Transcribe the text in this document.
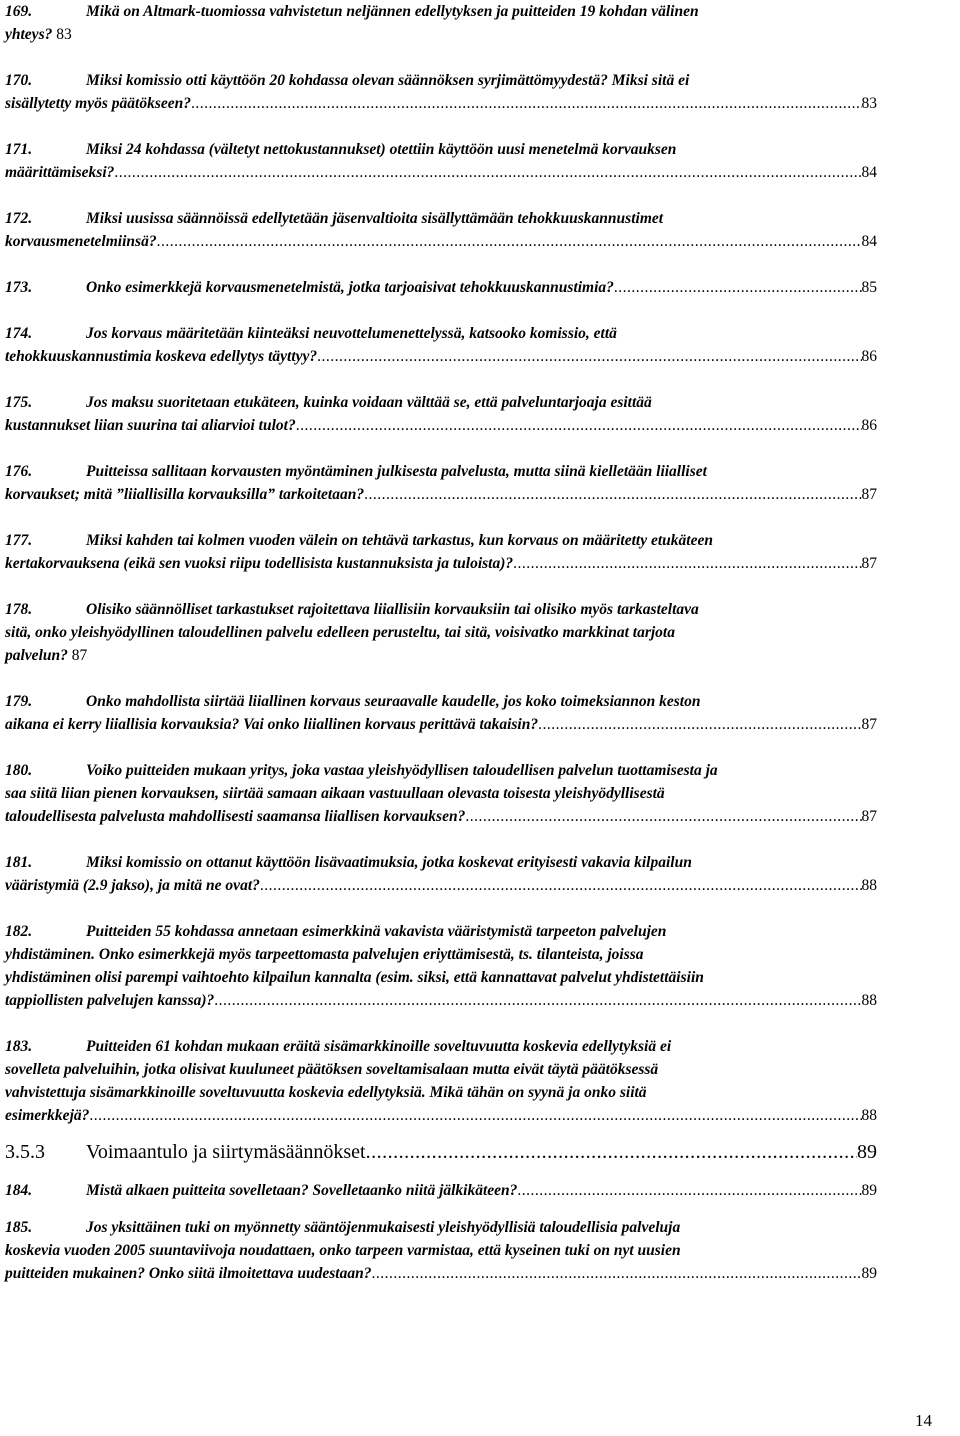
169.	Mikä on Altmark-tuomiossa vahvistetun neljännen edellytyksen ja puitteiden 19 kohdan välinen
yhteys? 83
170.	Miksi komissio otti käyttöön 20 kohdassa olevan säännöksen syrjimättömyydestä? Miksi sitä ei
sisällytetty myös päätökseen? .....	83
171.	Miksi 24 kohdassa (vältetyt nettokustannukset) otettiin käyttöön uusi menetelmä korvauksen
määrittämiseksi? .....	84
172.	Miksi uusissa säännöissä edellytetään jäsenvaltioita sisällyttämään tehokkuuskannustimet
korvausmenetelmiinsä? .....	84
173.	Onko esimerkkejä korvausmenetelmistä, jotka tarjoaisivat tehokkuuskannustimia? .....	85
174.	Jos korvaus määritetään kiinteäksi neuvottelumenettelyssä, katsooko komissio, että
tehokkuuskannustimia koskeva edellytys täyttyy? .....	86
175.	Jos maksu suoritetaan etukäteen, kuinka voidaan välttää se, että palveluntarjoaja esittää
kustannukset liian suurina tai aliarvioi tulot? .....	86
176.	Puitteissa sallitaan korvausten myöntäminen julkisesta palvelusta, mutta siinä kielletään liialliset
korvaukset; mitä ”liiallisilla korvauksilla” tarkoitetaan? .....	87
177.	Miksi kahden tai kolmen vuoden välein on tehtävä tarkastus, kun korvaus on määritetty etukäteen
kertakorvauksena (eikä sen vuoksi riipu todellisista kustannuksista ja tuloista)? .....	87
178.	Olisiko säännölliset tarkastukset rajoitettava liiallisiin korvauksiin tai olisiko myös tarkasteltava
sitä, onko yleishyödyllinen taloudellinen palvelu edelleen perusteltu, tai sitä, voisivatko markkinat tarjota
palvelun? 87
179.	Onko mahdollista siirtää liiallinen korvaus seuraavalle kaudelle, jos koko toimeksiannon keston
aikana ei kerry liiallisia korvauksia? Vai onko liiallinen korvaus perittävä takaisin? .....	87
180.	Voiko puitteiden mukaan yritys, joka vastaa yleishyödyllisen taloudellisen palvelun tuottamisesta ja
saa siitä liian pienen korvauksen, siirtää samaan aikaan vastuullaan olevasta toisesta yleishyödyllisestä
taloudellisesta palvelusta mahdollisesti saamansa liiallisen korvauksen? .....	87
181.	Miksi komissio on ottanut käyttöön lisävaatimuksia, jotka koskevat erityisesti vakavia kilpailun
vääristymiä (2.9 jakso), ja mitä ne ovat? .....	88
182.	Puitteiden 55 kohdassa annetaan esimerkkinä vakavista vääristymistä tarpeeton palvelujen
yhdistäminen. Onko esimerkkejä myös tarpeettomasta palvelujen eriyttämisestä, ts. tilanteista, joissa
yhdistäminen olisi parempi vaihtoehto kilpailun kannalta (esim. siksi, että kannattavat palvelut yhdistettäisiin
tappiollisten palvelujen kanssa)? .....	88
183.	Puitteiden 61 kohdan mukaan eräitä sisämarkkinoille soveltuvuutta koskevia edellytyksiä ei
sovelleta palveluihin, jotka olisivat kuuluneet päätöksen soveltamisalaan mutta eivät täytä päätöksessä
vahvistettuja sisämarkkinoille soveltuvuutta koskevia edellytyksiä. Mikä tähän on syynä ja onko siitä
esimerkkejä? .....	88
3.5.3 Voimaantulo ja siirtymäsäännökset .....	89
184.	Mistä alkaen puitteita sovelletaan? Sovelletaanko niitä jälkikäteen? .....	89
185.	Jos yksittäinen tuki on myönnetty sääntöjenmukaisesti yleishyödyllisiä taloudellisia palveluja
koskevia vuoden 2005 suuntaviivoja noudattaen, onko tarpeen varmistaa, että kyseinen tuki on nyt uusien
puitteiden mukainen? Onko siitä ilmoitettava uudestaan? .....	89
14
